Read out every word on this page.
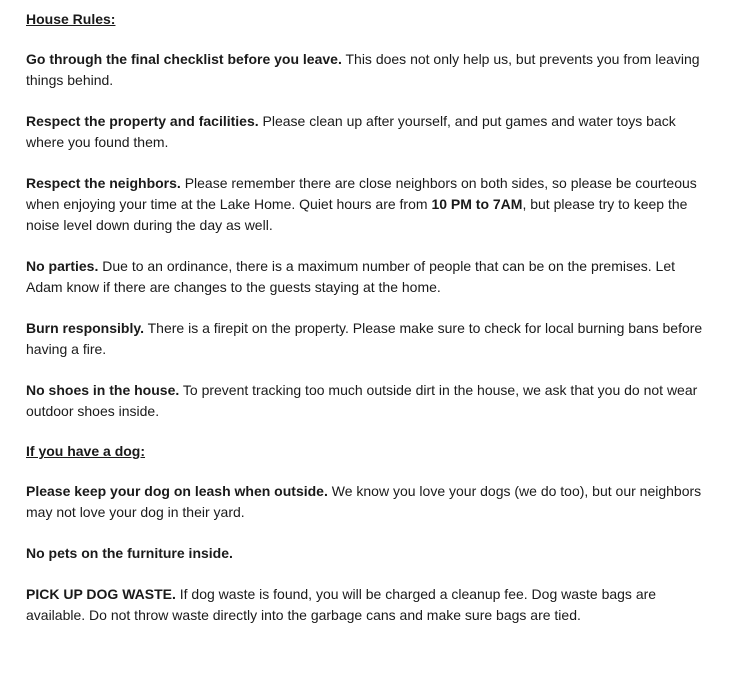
House Rules:

Go through the final checklist before you leave. This does not only help us, but prevents you from leaving things behind.

Respect the property and facilities. Please clean up after yourself, and put games and water toys back where you found them.

Respect the neighbors. Please remember there are close neighbors on both sides, so please be courteous when enjoying your time at the Lake Home. Quiet hours are from 10 PM to 7AM, but please try to keep the noise level down during the day as well.

No parties. Due to an ordinance, there is a maximum number of people that can be on the premises. Let Adam know if there are changes to the guests staying at the home.

Burn responsibly. There is a firepit on the property. Please make sure to check for local burning bans before having a fire.

No shoes in the house. To prevent tracking too much outside dirt in the house, we ask that you do not wear outdoor shoes inside.

If you have a dog:

Please keep your dog on leash when outside. We know you love your dogs (we do too), but our neighbors may not love your dog in their yard.

No pets on the furniture inside.

PICK UP DOG WASTE. If dog waste is found, you will be charged a cleanup fee. Dog waste bags are available. Do not throw waste directly into the garbage cans and make sure bags are tied.
